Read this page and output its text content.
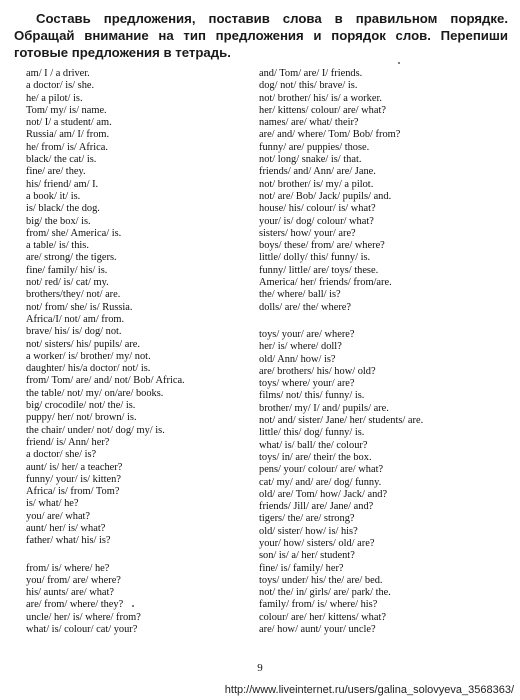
Составь предложения, поставив слова в правильном порядке. Обращай внимание на тип предложения и порядок слов. Перепиши готовые предложения в тетрадь.

am/ I / a driver.
a doctor/ is/ she.
he/ a pilot/ is.
Tom/ my/ is/ name.
not/ I/ a student/ am.
Russia/ am/ I/ from.
he/ from/ is/ Africa.
black/ the cat/ is.
fine/ are/ they.
his/ friend/ am/ I.
a book/ it/ is.
is/ black/ the dog.
big/ the box/ is.
from/ she/ America/ is.
a table/ is/ this.
are/ strong/ the tigers.
fine/ family/ his/ is.
not/ red/ is/ cat/ my.
brothers/they/ not/ are.
not/ from/ she/ is/ Russia.
Africa/I/ not/ am/ from.
brave/ his/ is/ dog/ not.
not/ sisters/ his/ pupils/ are.
a worker/ is/ brother/ my/ not.
daughter/ his/a doctor/ not/ is.
from/ Tom/ are/ and/ not/ Bob/ Africa.
the table/ not/ my/ on/are/ books.
big/ crocodile/ not/ the/ is.
puppy/ her/ not/ brown/ is.
the chair/ under/ not/ dog/ my/ is.
friend/ is/ Ann/ her?
a doctor/ she/ is?
aunt/ is/ her/ a teacher?
funny/ your/ is/ kitten?
Africa/ is/ from/ Tom?
is/ what/ he?
you/ are/ what?
aunt/ her/ is/ what?
father/ what/ his/ is?
from/ is/ where/ he?
you/ from/ are/ where?
his/ aunts/ are/ what?
are/ from/ where/ they?
uncle/ her/ is/ where/ from?
what/ is/ colour/ cat/ your?
and/ Tom/ are/ I/ friends.
dog/ not/ this/ brave/ is.
not/ brother/ his/ is/ a worker.
her/ kittens/ colour/ are/ what?
names/ are/ what/ their?
are/ and/ where/ Tom/ Bob/ from?
funny/ are/ puppies/ those.
not/ long/ snake/ is/ that.
friends/ and/ Ann/ are/ Jane.
not/ brother/ is/ my/ a pilot.
not/ are/ Bob/ Jack/ pupils/ and.
house/ his/ colour/ is/ what?
your/ is/ dog/ colour/ what?
sisters/ how/ your/ are?
boys/ these/ from/ are/ where?
little/ dolly/ this/ funny/ is.
funny/ little/ are/ toys/ these.
America/ her/ friends/ from/are.
the/ where/ ball/ is?
dolls/ are/ the/ where?
toys/ your/ are/ where?
her/ is/ where/ doll?
old/ Ann/ how/ is?
are/ brothers/ his/ how/ old?
toys/ where/ your/ are?
films/ not/ this/ funny/ is.
brother/ my/ I/ and/ pupils/ are.
not/ and/ sister/ Jane/ her/ students/ are.
little/ this/ dog/ funny/ is.
what/ is/ ball/ the/ colour?
toys/ in/ are/ their/ the box.
pens/ your/ colour/ are/ what?
cat/ my/ and/ are/ dog/ funny.
old/ are/ Tom/ how/ Jack/ and?
friends/ Jill/ are/ Jane/ and?
tigers/ the/ are/ strong?
old/ sister/ how/ is/ his?
your/ how/ sisters/ old/ are?
son/ is/ a/ her/ student?
fine/ is/ family/ her?
toys/ under/ his/ the/ are/ bed.
not/ the/ in/ girls/ are/ park/ the.
family/ from/ is/ where/ his?
colour/ are/ her/ kittens/ what?
are/ how/ aunt/ your/ uncle?
9
http://www.liveinternet.ru/users/galina_solovyeva_3568363/
